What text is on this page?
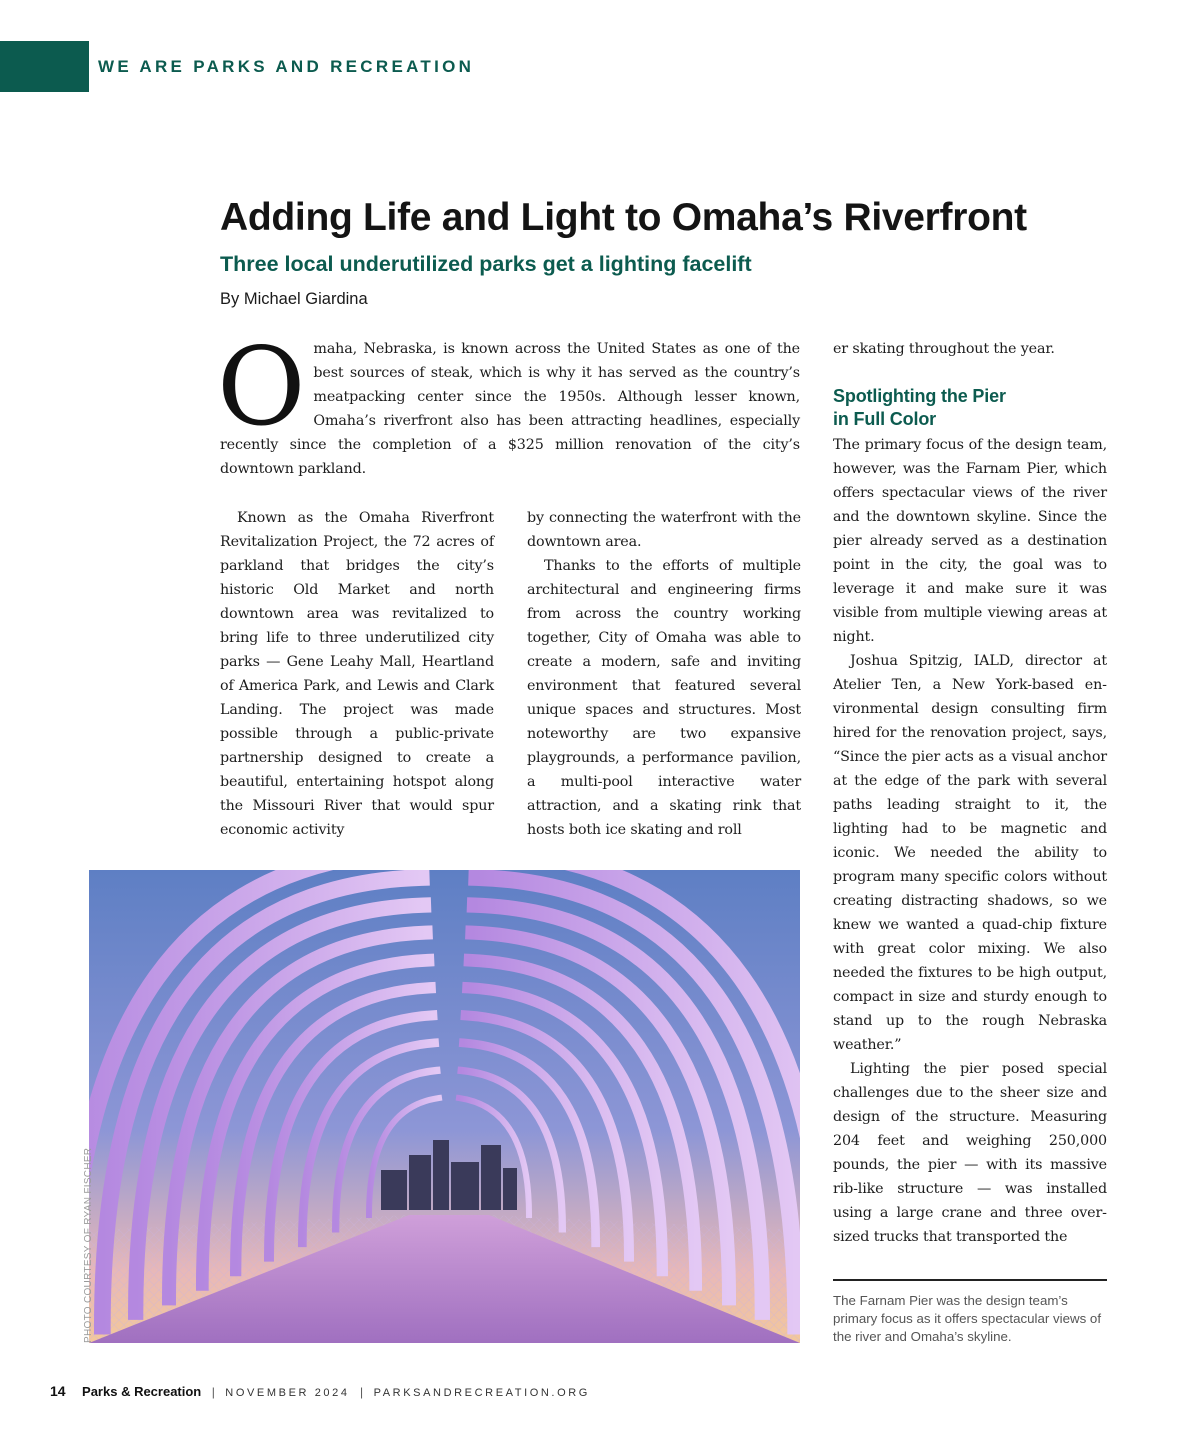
WE ARE PARKS AND RECREATION
Adding Life and Light to Omaha’s Riverfront
Three local underutilized parks get a lighting facelift
By Michael Giardina
O maha, Nebraska, is known across the United States as one of the best sources of steak, which is why it has served as the country’s meatpacking center since the 1950s. Although lesser known, Omaha’s riverfront also has been attracting headlines, especially recently since the completion of a $325 million renovation of the city’s downtown parkland.

Known as the Omaha Riverfront Revitalization Project, the 72 acres of parkland that bridges the city’s historic Old Market and north downtown area was revitalized to bring life to three underutilized city parks — Gene Leahy Mall, Heartland of America Park, and Lewis and Clark Landing. The project was made possible through a public-private partnership designed to create a beautiful, entertaining hotspot along the Missouri River that would spur economic activity

by connecting the waterfront with the downtown area.

Thanks to the efforts of multiple architectural and engineering firms from across the country working together, City of Omaha was able to create a modern, safe and inviting environment that featured several unique spaces and structures. Most noteworthy are two expansive playgrounds, a performance pavilion, a multi-pool interactive water attraction, and a skating rink that hosts both ice skating and roll

er skating throughout the year.

Spotlighting the Pier
in Full Color

The primary focus of the design team, however, was the Farnam Pier, which offers spectacular views of the river and the downtown skyline. Since the pier already served as a destination point in the city, the goal was to leverage it and make sure it was visible from multiple viewing areas at night.

Joshua Spitzig, IALD, director at Atelier Ten, a New York-based environmental design consulting firm hired for the renovation project, says, “Since the pier acts as a visual anchor at the edge of the park with several paths leading straight to it, the lighting had to be magnetic and iconic. We needed the ability to program many specific colors without creating distracting shadows, so we knew we wanted a quad-chip fixture with great color mixing. We also needed the fixtures to be high output, compact in size and sturdy enough to stand up to the rough Nebraska weather.”

Lighting the pier posed special challenges due to the sheer size and design of the structure. Measuring 204 feet and weighing 250,000 pounds, the pier — with its massive rib-like structure — was installed using a large crane and three oversized trucks that transported the

PHOTO COURTESY OF RYAN FISCHER	The Farnam Pier was the design team’s primary focus as it offers spectacular views of the river and Omaha’s skyline.

14 Parks & Recreation | NOVEMBER 2024 | PARKSANDRECREATION.ORG
